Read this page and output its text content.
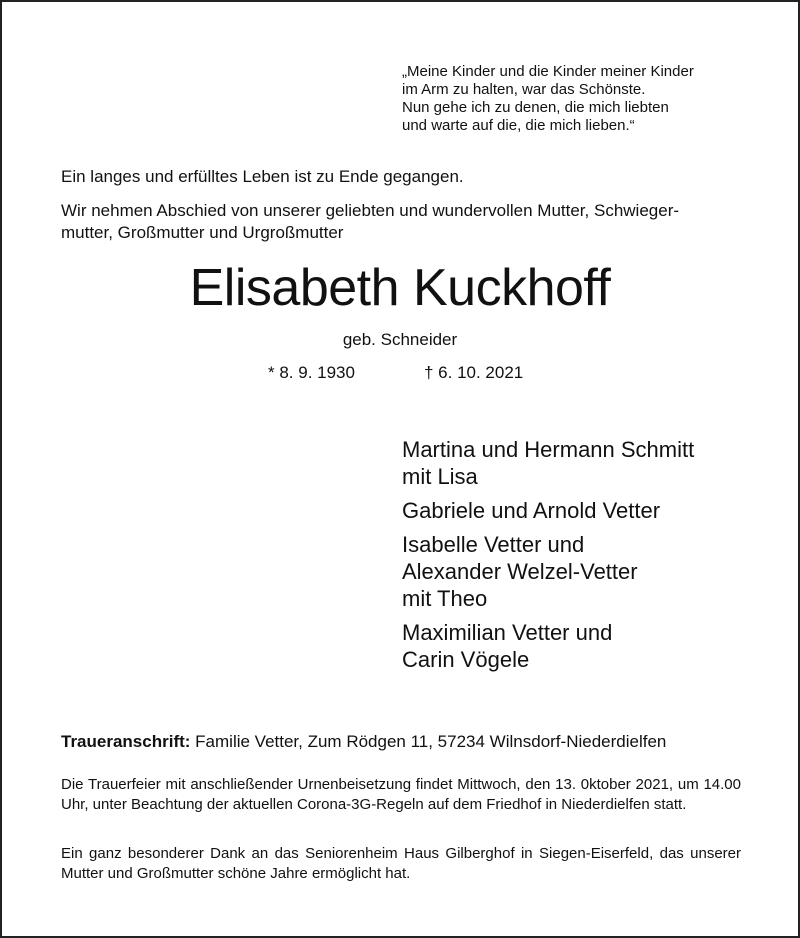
„Meine Kinder und die Kinder meiner Kinder
im Arm zu halten, war das Schönste.
Nun gehe ich zu denen, die mich liebten
und warte auf die, die mich lieben.“
Ein langes und erfülltes Leben ist zu Ende gegangen.
Wir nehmen Abschied von unserer geliebten und wundervollen Mutter, Schwieger-
mutter, Großmutter und Urgroßmutter
Elisabeth Kuckhoff
geb. Schneider
* 8. 9. 1930	† 6. 10. 2021
Martina und Hermann Schmitt
mit Lisa
Gabriele und Arnold Vetter
Isabelle Vetter und
Alexander Welzel-Vetter
mit Theo
Maximilian Vetter und
Carin Vögele
Traueranschrift: Familie Vetter, Zum Rödgen 11, 57234 Wilnsdorf-Niederdielfen
Die Trauerfeier mit anschließender Urnenbeisetzung findet Mittwoch, den 13. 0ktober 2021, um 14.00 Uhr, unter Beachtung der aktuellen Corona-3G-Regeln auf dem Friedhof in Niederdielfen statt.
Ein ganz besonderer Dank an das Seniorenheim Haus Gilberghof in Siegen-Eiserfeld, das unserer Mutter und Großmutter schöne Jahre ermöglicht hat.
